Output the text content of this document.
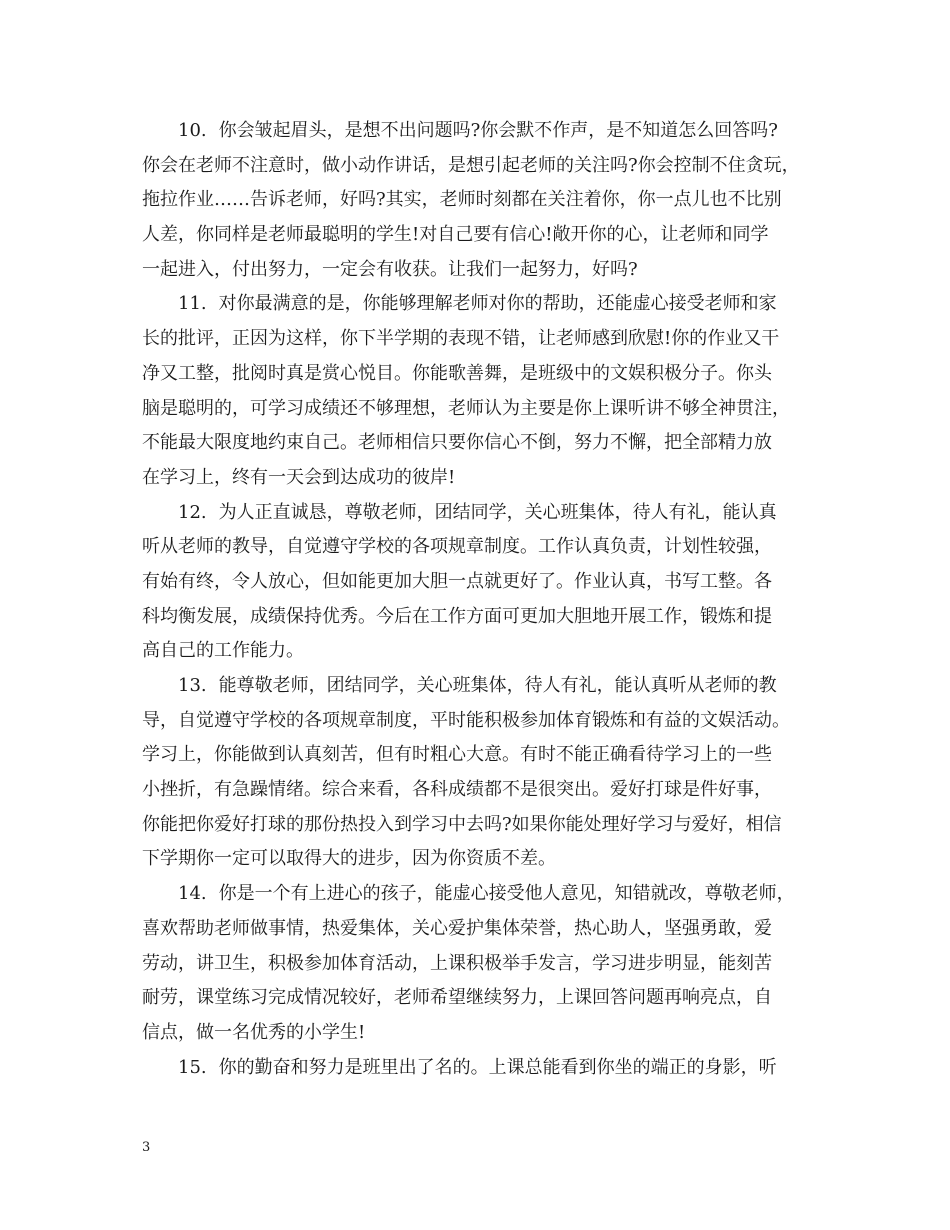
10. 你会皱起眉头，是想不出问题吗?你会默不作声，是不知道怎么回答吗?
你会在老师不注意时，做小动作讲话，是想引起老师的关注吗?你会控制不住贪玩，
拖拉作业……告诉老师，好吗?其实，老师时刻都在关注着你，你一点儿也不比别
人差，你同样是老师最聪明的学生!对自己要有信心!敞开你的心，让老师和同学
一起进入，付出努力，一定会有收获。让我们一起努力，好吗?
11. 对你最满意的是，你能够理解老师对你的帮助，还能虚心接受老师和家
长的批评，正因为这样，你下半学期的表现不错，让老师感到欣慰!你的作业又干
净又工整，批阅时真是赏心悦目。你能歌善舞，是班级中的文娱积极分子。你头
脑是聪明的，可学习成绩还不够理想，老师认为主要是你上课听讲不够全神贯注，
不能最大限度地约束自己。老师相信只要你信心不倒，努力不懈，把全部精力放
在学习上，终有一天会到达成功的彼岸!
12. 为人正直诚恳，尊敬老师，团结同学，关心班集体，待人有礼，能认真
听从老师的教导，自觉遵守学校的各项规章制度。工作认真负责，计划性较强，
有始有终，令人放心，但如能更加大胆一点就更好了。作业认真，书写工整。各
科均衡发展，成绩保持优秀。今后在工作方面可更加大胆地开展工作，锻炼和提
高自己的工作能力。
13. 能尊敬老师，团结同学，关心班集体，待人有礼，能认真听从老师的教
导，自觉遵守学校的各项规章制度，平时能积极参加体育锻炼和有益的文娱活动。
学习上，你能做到认真刻苦，但有时粗心大意。有时不能正确看待学习上的一些
小挫折，有急躁情绪。综合来看，各科成绩都不是很突出。爱好打球是件好事，
你能把你爱好打球的那份热投入到学习中去吗?如果你能处理好学习与爱好，相信
下学期你一定可以取得大的进步，因为你资质不差。
14. 你是一个有上进心的孩子，能虚心接受他人意见，知错就改，尊敬老师，
喜欢帮助老师做事情，热爱集体，关心爱护集体荣誉，热心助人，坚强勇敢，爱
劳动，讲卫生，积极参加体育活动，上课积极举手发言，学习进步明显，能刻苦
耐劳，课堂练习完成情况较好，老师希望继续努力，上课回答问题再响亮点，自
信点，做一名优秀的小学生!
15. 你的勤奋和努力是班里出了名的。上课总能看到你坐的端正的身影，听
3
